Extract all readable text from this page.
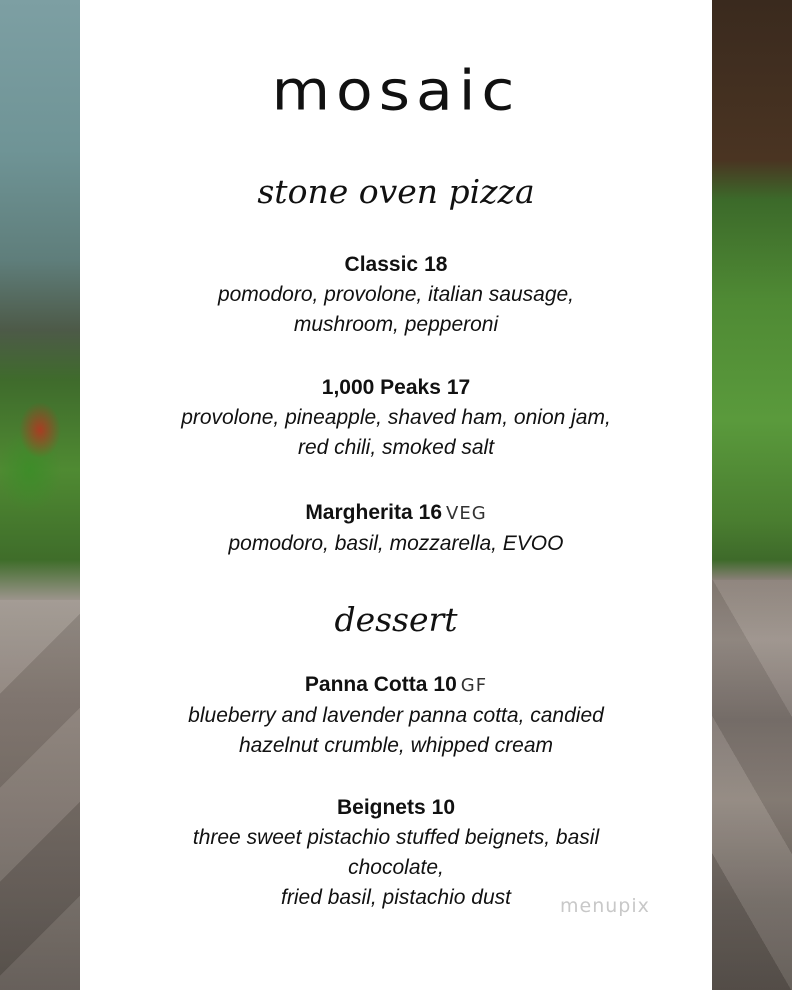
mosaic
stone oven pizza
Classic 18
pomodoro, provolone, italian sausage,
mushroom, pepperoni
1,000 Peaks 17
provolone, pineapple, shaved ham, onion jam,
red chili, smoked salt
Margherita 16 VEG
pomodoro, basil, mozzarella, EVOO
dessert
Panna Cotta 10 GF
blueberry and lavender panna cotta, candied
hazelnut crumble, whipped cream
Beignets 10
three sweet pistachio stuffed beignets, basil
chocolate,
fried basil, pistachio dust	menupix
